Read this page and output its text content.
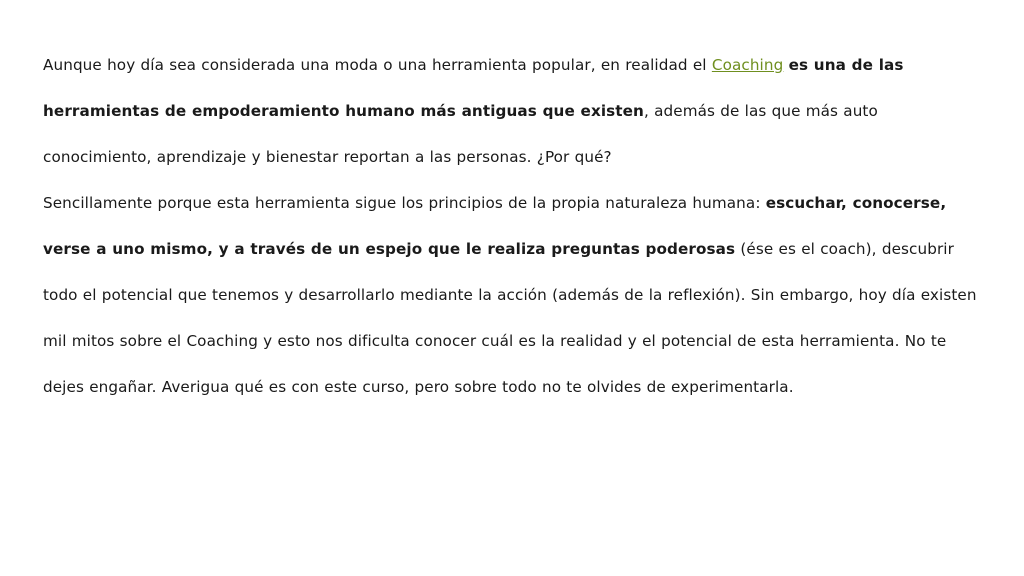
Aunque hoy día sea considerada una moda o una herramienta popular, en realidad el Coaching es una de las herramientas de empoderamiento humano más antiguas que existen, además de las que más auto conocimiento, aprendizaje y bienestar reportan a las personas. ¿Por qué?

Sencillamente porque esta herramienta sigue los principios de la propia naturaleza humana: escuchar, conocerse, verse a uno mismo, y a través de un espejo que le realiza preguntas poderosas (ése es el coach), descubrir todo el potencial que tenemos y desarrollarlo mediante la acción (además de la reflexión). Sin embargo, hoy día existen mil mitos sobre el Coaching y esto nos dificulta conocer cuál es la realidad y el potencial de esta herramienta. No te dejes engañar. Averigua qué es con este curso, pero sobre todo no te olvides de experimentarla.
